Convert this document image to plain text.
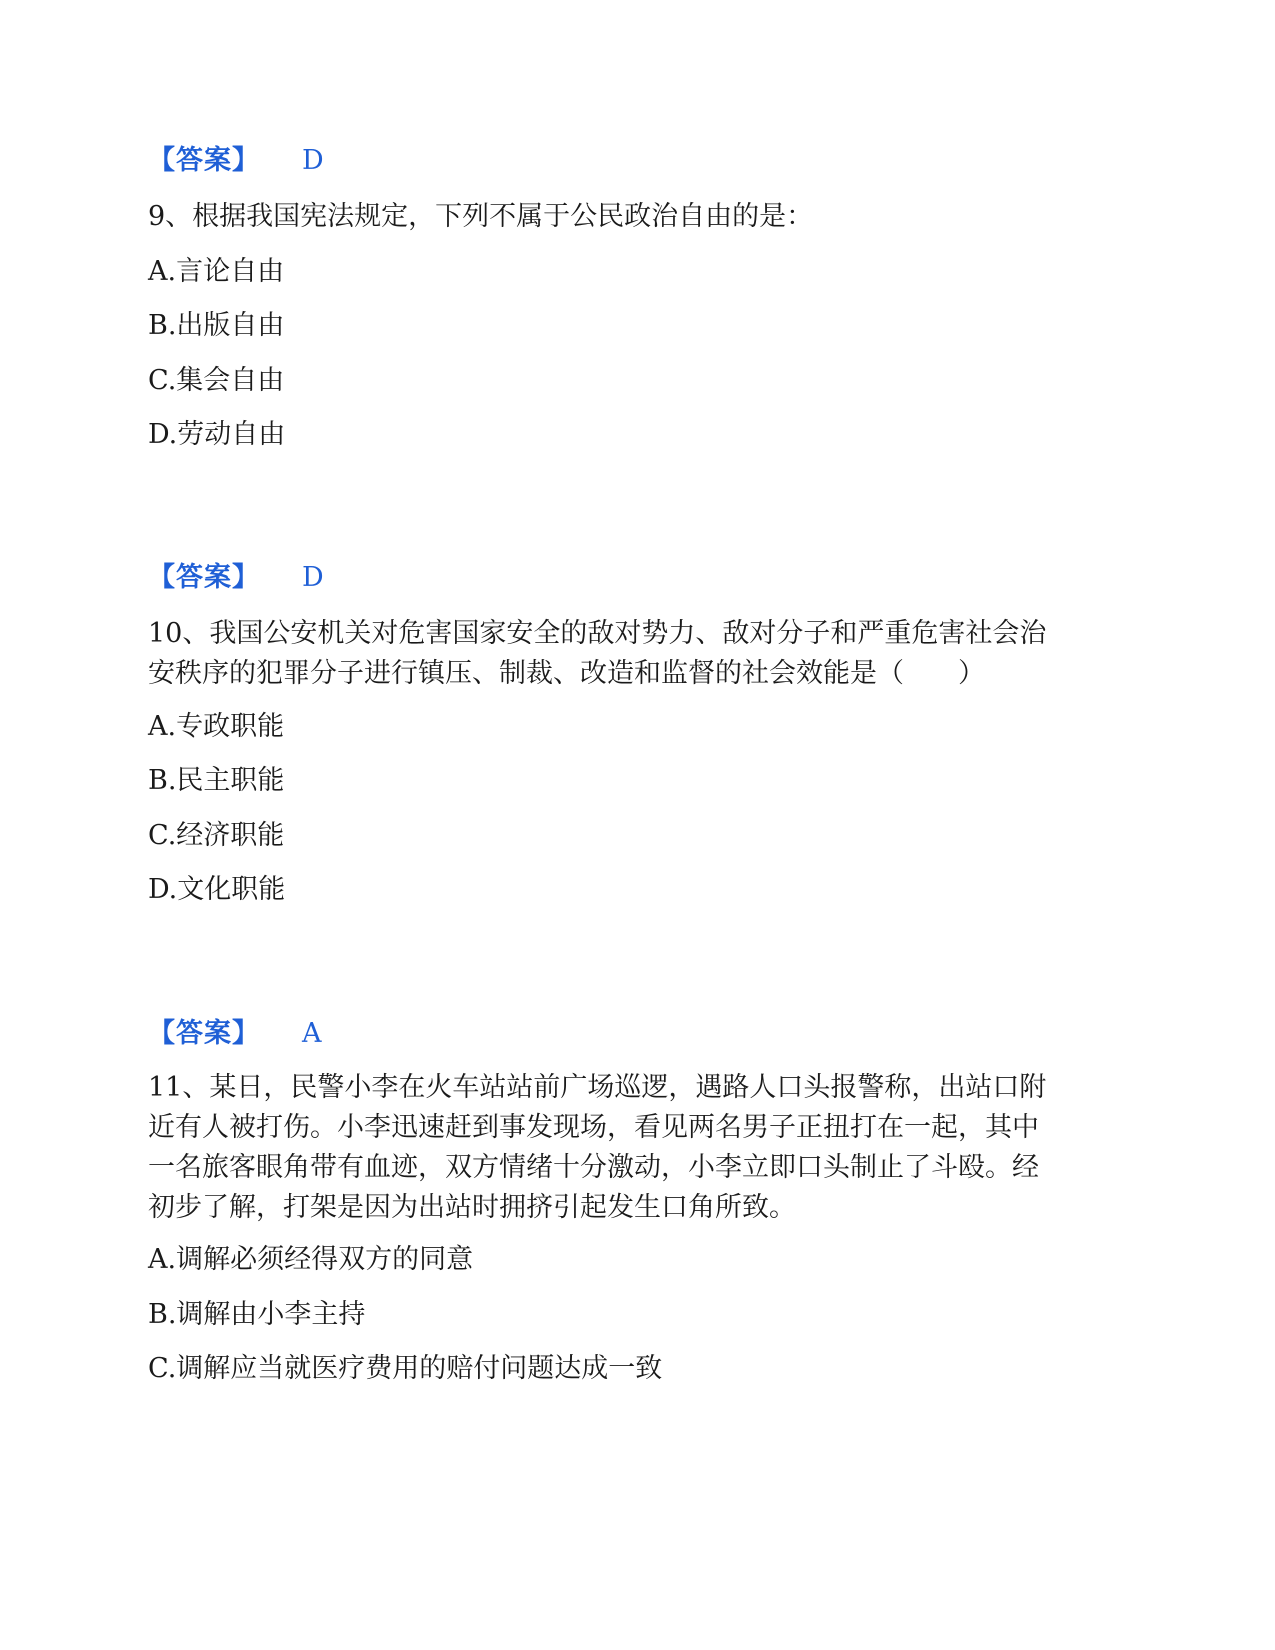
【答案】 D
9、根据我国宪法规定，下列不属于公民政治自由的是：
A.言论自由
B.出版自由
C.集会自由
D.劳动自由
【答案】 D
10、我国公安机关对危害国家安全的敌对势力、敌对分子和严重危害社会治
安秩序的犯罪分子进行镇压、制裁、改造和监督的社会效能是（　　）
A.专政职能
B.民主职能
C.经济职能
D.文化职能
【答案】 A
11、某日，民警小李在火车站站前广场巡逻，遇路人口头报警称，出站口附
近有人被打伤。小李迅速赶到事发现场，看见两名男子正扭打在一起，其中
一名旅客眼角带有血迹，双方情绪十分激动，小李立即口头制止了斗殴。经
初步了解，打架是因为出站时拥挤引起发生口角所致。
A.调解必须经得双方的同意
B.调解由小李主持
C.调解应当就医疗费用的赔付问题达成一致
